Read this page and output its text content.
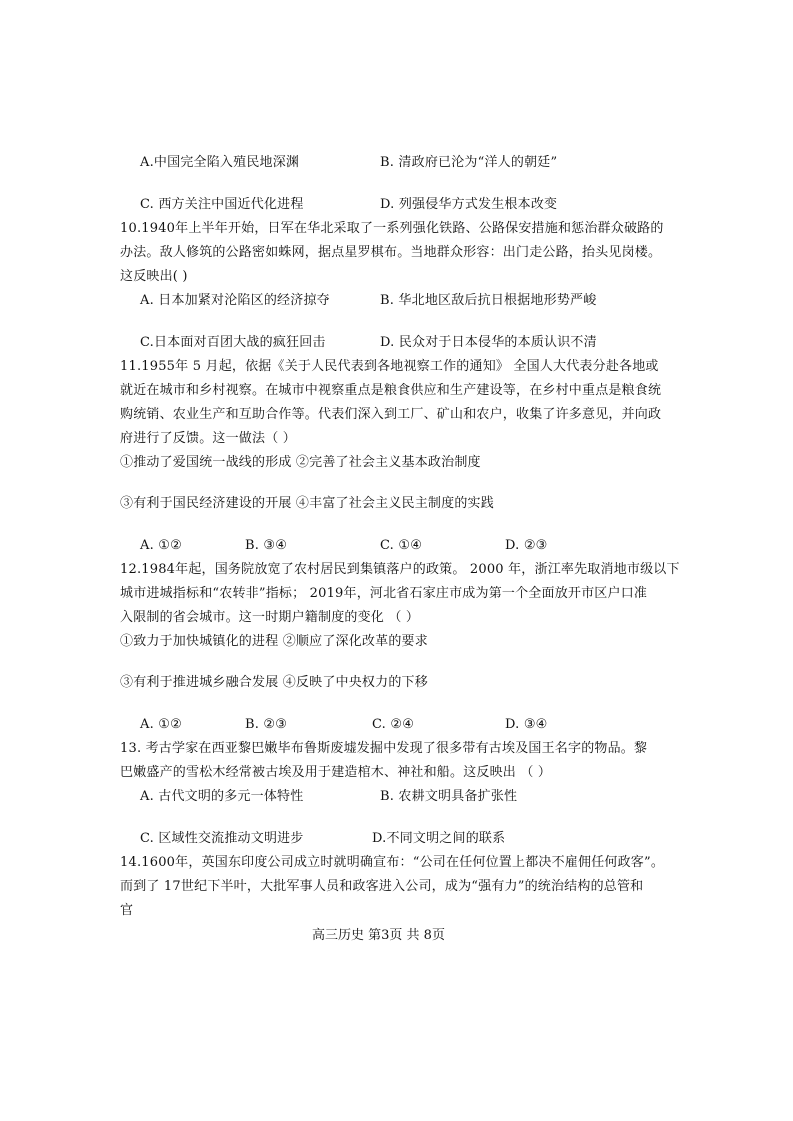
A.中国完全陷入殖民地深渊	B. 清政府已沦为“洋人的朝廷”
C. 西方关注中国近代化进程	D. 列强侵华方式发生根本改变
10.1940年上半年开始，日军在华北采取了一系列强化铁路、公路保安措施和惩治群众破路的
办法。敌人修筑的公路密如蛛网，据点星罗棋布。当地群众形容：出门走公路，抬头见岗楼。
这反映出( )
A. 日本加紧对沦陷区的经济掠夺	B. 华北地区敌后抗日根据地形势严峻
C.日本面对百团大战的疯狂回击	D. 民众对于日本侵华的本质认识不清
11.1955年 5 月起，依据《关于人民代表到各地视察工作的通知》 全国人大代表分赴各地或
就近在城市和乡村视察。在城市中视察重点是粮食供应和生产建设等，在乡村中重点是粮食统
购统销、农业生产和互助合作等。代表们深入到工厂、矿山和农户，收集了许多意见，并向政
府进行了反馈。这一做法（ ）
①推动了爱国统一战线的形成 ②完善了社会主义基本政治制度
③有利于国民经济建设的开展 ④丰富了社会主义民主制度的实践
A. ①②	B. ③④	C. ①④	D. ②③
12.1984年起，国务院放宽了农村居民到集镇落户的政策。 2000 年，浙江率先取消地市级以下
城市进城指标和“农转非”指标； 2019年，河北省石家庄市成为第一个全面放开市区户口准
入限制的省会城市。这一时期户籍制度的变化 （ ）
①致力于加快城镇化的进程 ②顺应了深化改革的要求
③有利于推进城乡融合发展 ④反映了中央权力的下移
A. ①②	B. ②③	C. ②④	D. ③④
13. 考古学家在西亚黎巴嫩毕布鲁斯废墟发掘中发现了很多带有古埃及国王名字的物品。黎
巴嫩盛产的雪松木经常被古埃及用于建造棺木、神社和船。这反映出 （ ）
A. 古代文明的多元一体特性	B. 农耕文明具备扩张性
C. 区域性交流推动文明进步	D.不同文明之间的联系
14.1600年，英国东印度公司成立时就明确宣布：“公司在任何位置上都决不雇佣任何政客”。
而到了 17世纪下半叶，大批军事人员和政客进入公司，成为“强有力”的统治结构的总管和
官
高三历史 第3页 共 8页
